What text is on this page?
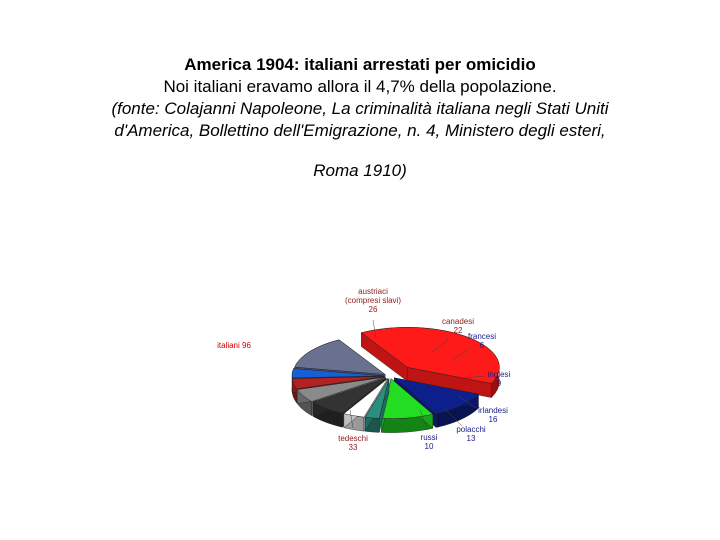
America 1904: italiani arrestati per omicidio
Noi italiani eravamo allora il 4,7% della popolazione.
(fonte: Colajanni Napoleone, La criminalità italiana negli Stati Uniti
d'America, Bollettino dell'Emigrazione, n. 4, Ministero degli esteri,
Roma 1910)
austriaci (compresi slavi) 26
canadesi 22
francesi 6
inglesi 9
irlandesi 16
polacchi 13
russi 10
tedeschi 33
italiani 96
